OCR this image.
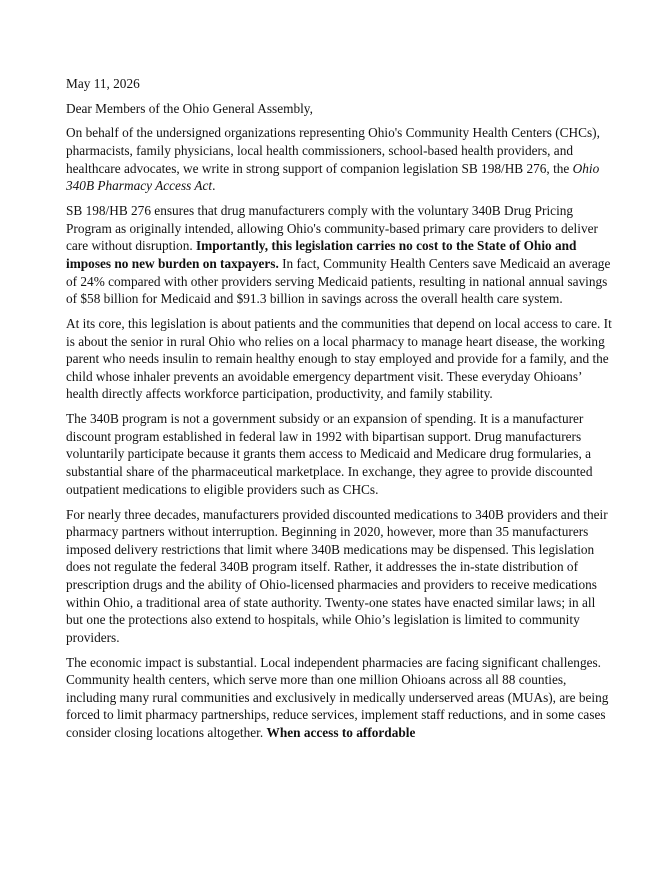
May 11, 2026

Dear Members of the Ohio General Assembly,

On behalf of the undersigned organizations representing Ohio's Community Health Centers (CHCs), pharmacists, family physicians, local health commissioners, school-based health providers, and healthcare advocates, we write in strong support of companion legislation SB 198/HB 276, the Ohio 340B Pharmacy Access Act.

SB 198/HB 276 ensures that drug manufacturers comply with the voluntary 340B Drug Pricing Program as originally intended, allowing Ohio's community-based primary care providers to deliver care without disruption. Importantly, this legislation carries no cost to the State of Ohio and imposes no new burden on taxpayers. In fact, Community Health Centers save Medicaid an average of 24% compared with other providers serving Medicaid patients, resulting in national annual savings of $58 billion for Medicaid and $91.3 billion in savings across the overall health care system.

At its core, this legislation is about patients and the communities that depend on local access to care. It is about the senior in rural Ohio who relies on a local pharmacy to manage heart disease, the working parent who needs insulin to remain healthy enough to stay employed and provide for a family, and the child whose inhaler prevents an avoidable emergency department visit. These everyday Ohioans’ health directly affects workforce participation, productivity, and family stability.

The 340B program is not a government subsidy or an expansion of spending. It is a manufacturer discount program established in federal law in 1992 with bipartisan support. Drug manufacturers voluntarily participate because it grants them access to Medicaid and Medicare drug formularies, a substantial share of the pharmaceutical marketplace. In exchange, they agree to provide discounted outpatient medications to eligible providers such as CHCs.

For nearly three decades, manufacturers provided discounted medications to 340B providers and their pharmacy partners without interruption. Beginning in 2020, however, more than 35 manufacturers imposed delivery restrictions that limit where 340B medications may be dispensed. This legislation does not regulate the federal 340B program itself. Rather, it addresses the in-state distribution of prescription drugs and the ability of Ohio-licensed pharmacies and providers to receive medications within Ohio, a traditional area of state authority. Twenty-one states have enacted similar laws; in all but one the protections also extend to hospitals, while Ohio’s legislation is limited to community providers.

The economic impact is substantial. Local independent pharmacies are facing significant challenges. Community health centers, which serve more than one million Ohioans across all 88 counties, including many rural communities and exclusively in medically underserved areas (MUAs), are being forced to limit pharmacy partnerships, reduce services, implement staff reductions, and in some cases consider closing locations altogether. When access to affordable
